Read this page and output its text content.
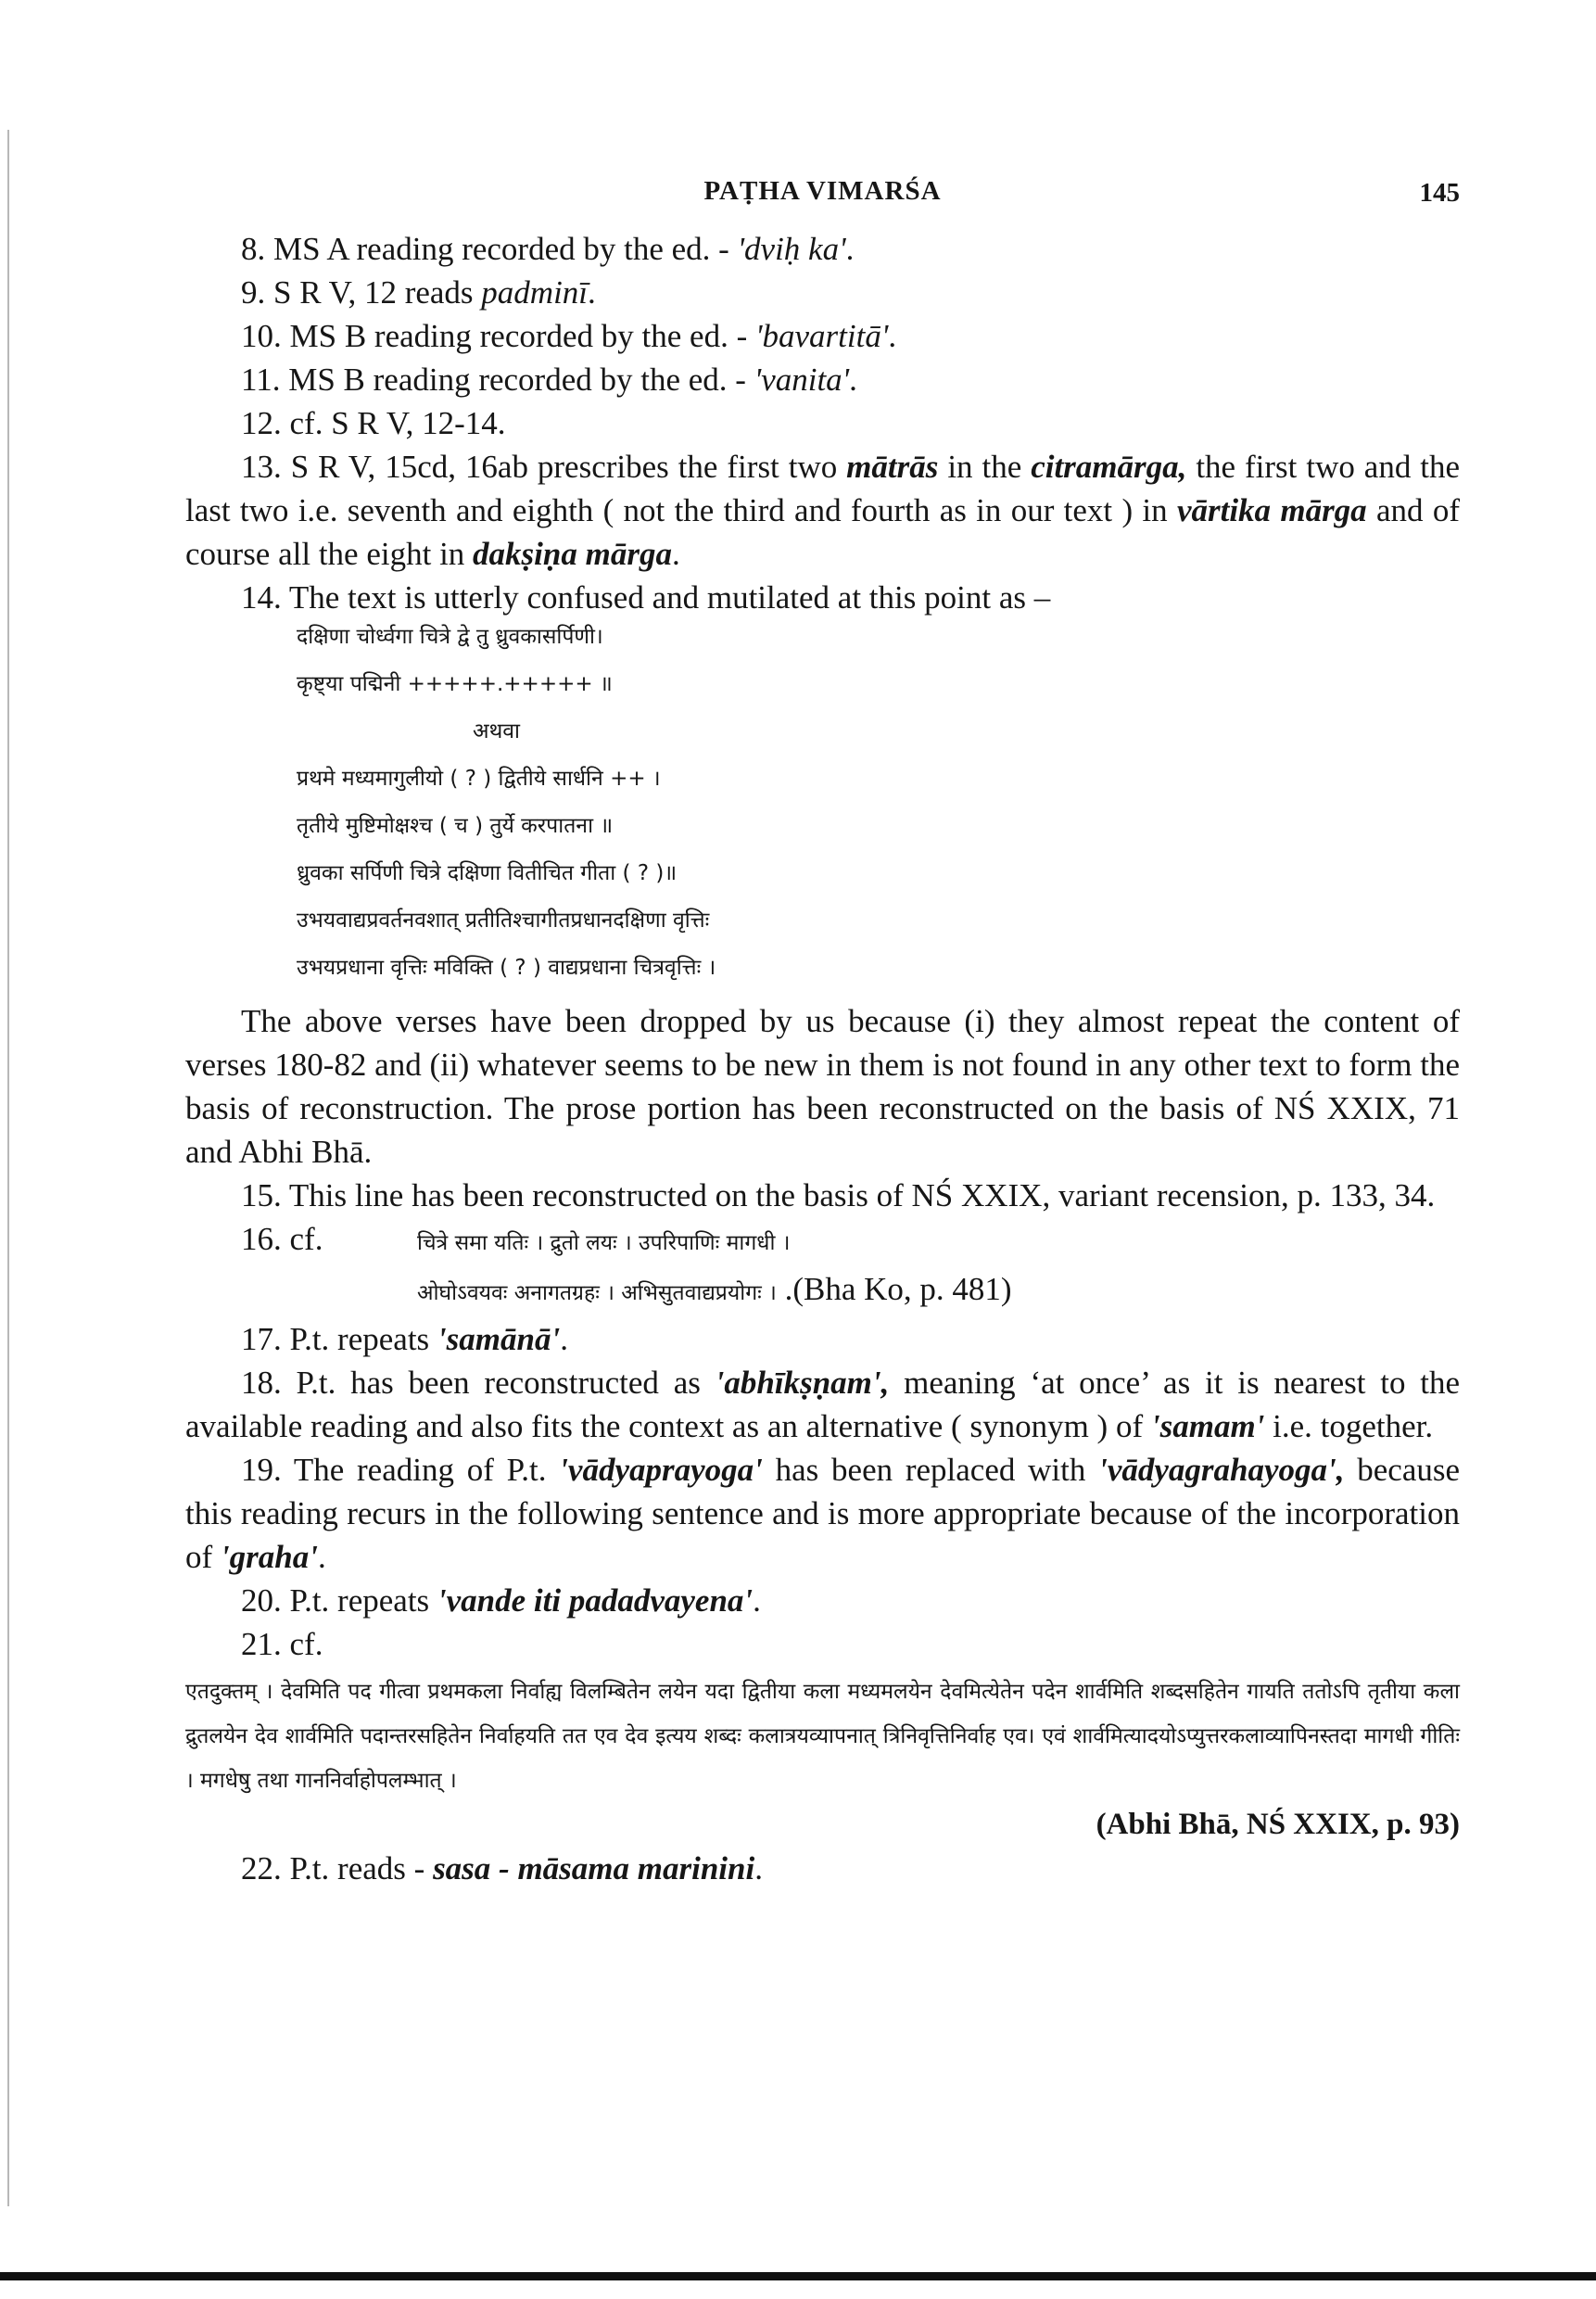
PAṬHA VIMARŚA	145

8. MS A reading recorded by the ed. - 'dviḥ ka'.

9. S R V, 12 reads padminī.

10. MS B reading recorded by the ed. - 'bavartitā'.

11. MS B reading recorded by the ed. - 'vanita'.

12. cf. S R V, 12-14.

13. S R V, 15cd, 16ab prescribes the first two mātrās in the citramārga, the first two and the last two i.e. seventh and eighth ( not the third and fourth as in our text ) in vārtika mārga and of course all the eight in dakṣiṇa mārga.

14. The text is utterly confused and mutilated at this point as –

दक्षिणा चोर्ध्वगा चित्रे द्वे तु ध्रुवकासर्पिणी।

कृष्ट्या पद्मिनी +++++.+++++ ॥

अथवा

प्रथमे मध्यमागुलीयो ( ? ) द्वितीये सार्धनि ++ ।

तृतीये मुष्टिमोक्षश्च ( च ) तुर्ये करपातना ॥

ध्रुवका सर्पिणी चित्रे दक्षिणा वितीचित गीता ( ? )॥

उभयवाद्यप्रवर्तनवशात् प्रतीतिश्चागीतप्रधानदक्षिणा वृत्तिः

उभयप्रधाना वृत्तिः मविक्ति ( ? ) वाद्यप्रधाना चित्रवृत्तिः ।

The above verses have been dropped by us because (i) they almost repeat the content of verses 180-82 and (ii) whatever seems to be new in them is not found in any other text to form the basis of reconstruction. The prose portion has been reconstructed on the basis of NŚ XXIX, 71 and Abhi Bhā.

15. This line has been reconstructed on the basis of NŚ XXIX, variant recension, p. 133, 34.

16. cf.	चित्रे समा यतिः । द्रुतो लयः । उपरिपाणिः मागधी ।

ओघोऽवयवः अनागतग्रहः । अभिसुतवाद्यप्रयोगः । .(Bha Ko, p. 481)

17. P.t. repeats 'samānā'.

18. P.t. has been reconstructed as 'abhīkṣṇam', meaning ‘at once’ as it is nearest to the available reading and also fits the context as an alternative ( synonym ) of 'samam' i.e. together.

19. The reading of P.t. 'vādyaprayoga' has been replaced with 'vādyagrahayoga', because this reading recurs in the following sentence and is more appropriate because of the incorporation of 'graha'.

20. P.t. repeats 'vande iti padadvayena'.

21. cf.

एतदुक्तम् । देवमिति पद गीत्वा प्रथमकला निर्वाह्य विलम्बितेन लयेन यदा द्वितीया कला मध्यमलयेन देवमित्येतेन पदेन शार्वमिति शब्दसहितेन गायति ततोऽपि तृतीया कला द्रुतलयेन देव शार्वमिति पदान्तरसहितेन निर्वाहयति तत एव देव इत्यय शब्दः कलात्रयव्यापनात् त्रिनिवृत्तिनिर्वाह एव। एवं शार्वमित्यादयोऽप्युत्तरकलाव्यापिनस्तदा मागधी गीतिः । मगधेषु तथा गाननिर्वाहोपलम्भात् ।

(Abhi Bhā, NŚ XXIX, p. 93)

22. P.t. reads - sasa - māsama marinini.
